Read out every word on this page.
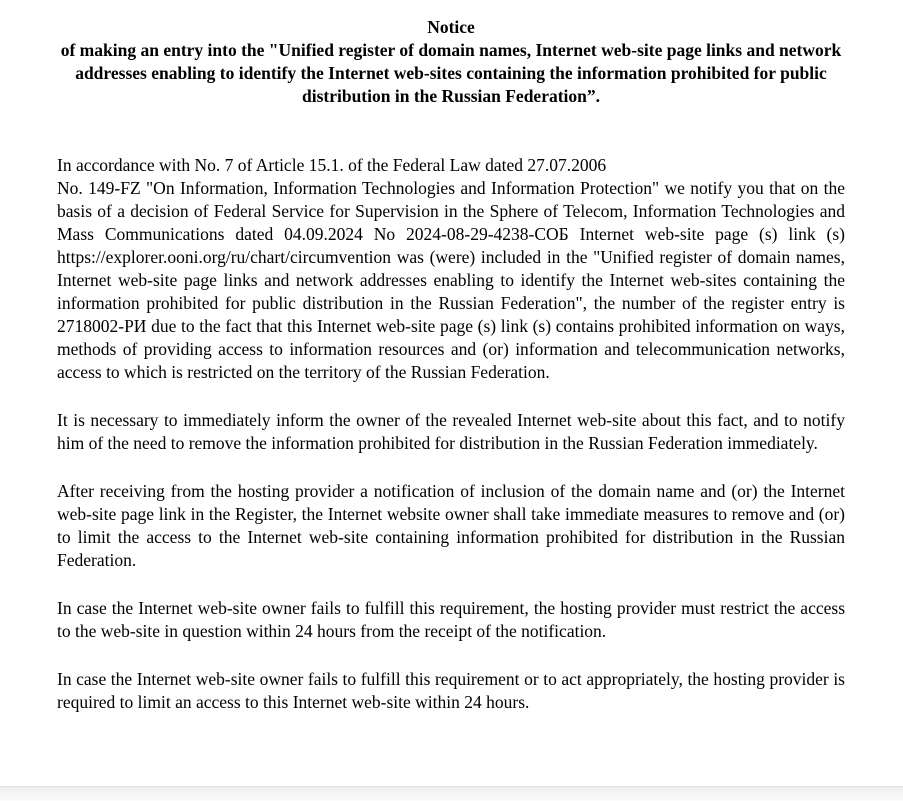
Notice
of making an entry into the "Unified register of domain names, Internet web-site page links and network addresses enabling to identify the Internet web-sites containing the information prohibited for public distribution in the Russian Federation”.
In accordance with No. 7 of Article 15.1. of the Federal Law dated 27.07.2006
No. 149-FZ "On Information, Information Technologies and Information Protection" we notify you that on the basis of a decision of Federal Service for Supervision in the Sphere of Telecom, Information Technologies and Mass Communications dated 04.09.2024 No 2024-08-29-4238-СОБ Internet web-site page (s) link (s) https://explorer.ooni.org/ru/chart/circumvention was (were) included in the "Unified register of domain names, Internet web-site page links and network addresses enabling to identify the Internet web-sites containing the information prohibited for public distribution in the Russian Federation", the number of the register entry is 2718002-РИ due to the fact that this Internet web-site page (s) link (s) contains prohibited information on ways, methods of providing access to information resources and (or) information and telecommunication networks, access to which is restricted on the territory of the Russian Federation.
It is necessary to immediately inform the owner of the revealed Internet web-site about this fact, and to notify him of the need to remove the information prohibited for distribution in the Russian Federation immediately.
After receiving from the hosting provider a notification of inclusion of the domain name and (or) the Internet web-site page link in the Register, the Internet website owner shall take immediate measures to remove and (or) to limit the access to the Internet web-site containing information prohibited for distribution in the Russian Federation.
In case the Internet web-site owner fails to fulfill this requirement, the hosting provider must restrict the access to the web-site in question within 24 hours from the receipt of the notification.
In case the Internet web-site owner fails to fulfill this requirement or to act appropriately, the hosting provider is required to limit an access to this Internet web-site within 24 hours.
